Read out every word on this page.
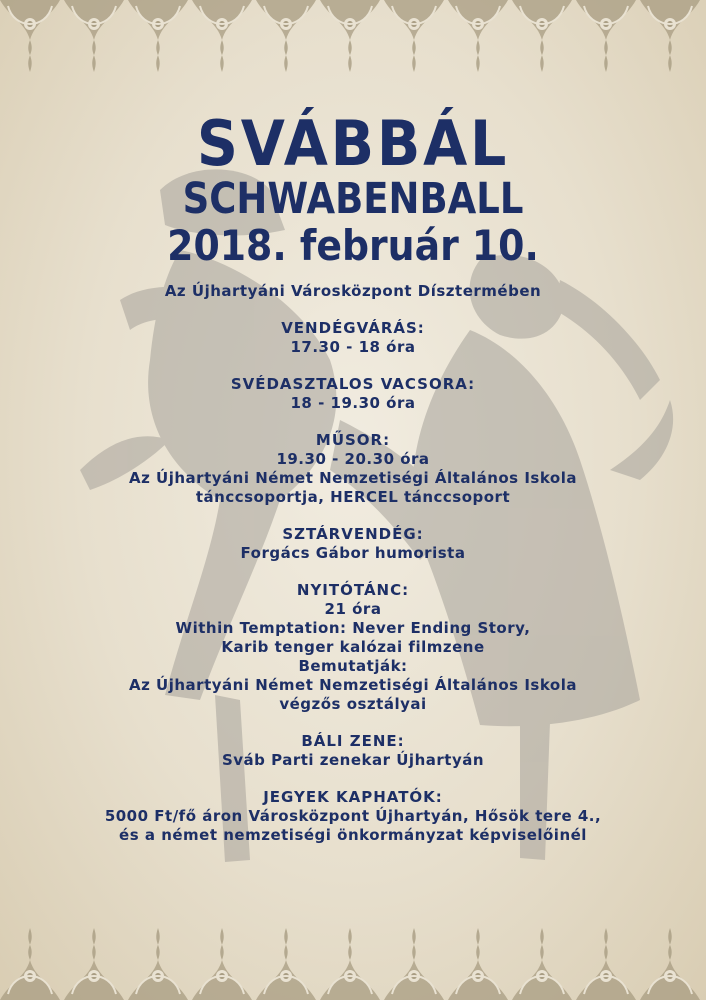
SVÁBBÁL
SCHWABENBALL
2018. február 10.
Az Újhartyáni Városközpont Dísztermében
VENDÉGVÁRÁS:
17.30 - 18 óra
SVÉDASZTALOS VACSORA:
18 - 19.30 óra
MŰSOR:
19.30 - 20.30 óra
Az Újhartyáni Német Nemzetiségi Általános Iskola
tánccsoportja, HERCEL tánccsoport
SZTÁRVENDÉG:
Forgács Gábor humorista
NYITÓTÁNC:
21 óra
Within Temptation: Never Ending Story,
Karib tenger kalózai filmzene
Bemutatják:
Az Újhartyáni Német Nemzetiségi Általános Iskola
végzős osztályai
BÁLI ZENE:
Sváb Parti zenekar Újhartyán
JEGYEK KAPHATÓK:
5000 Ft/fő áron Városközpont Újhartyán, Hősök tere 4.,
és a német nemzetiségi önkormányzat képviselőinél
